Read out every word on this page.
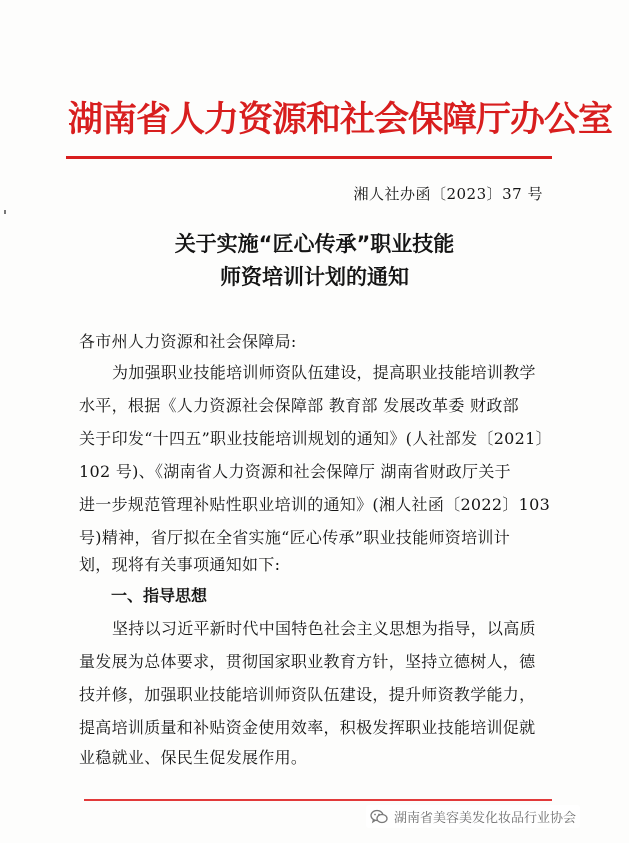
湖南省人力资源和社会保障厅办公室
湘人社办函〔2023〕37 号
关于实施“匠心传承”职业技能
师资培训计划的通知
各市州人力资源和社会保障局:
为加强职业技能培训师资队伍建设，提高职业技能培训教学
水平，根据《人力资源社会保障部 教育部 发展改革委 财政部
关于印发“十四五”职业技能培训规划的通知》(人社部发〔2021〕
102 号)、《湖南省人力资源和社会保障厅 湖南省财政厅关于
进一步规范管理补贴性职业培训的通知》(湘人社函〔2022〕103
号)精神，省厅拟在全省实施“匠心传承”职业技能师资培训计
划，现将有关事项通知如下:
一、指导思想
坚持以习近平新时代中国特色社会主义思想为指导，以高质
量发展为总体要求，贯彻国家职业教育方针，坚持立德树人，德
技并修，加强职业技能培训师资队伍建设，提升师资教学能力，
提高培训质量和补贴资金使用效率，积极发挥职业技能培训促就
业稳就业、保民生促发展作用。
湖南省美容美发化妆品行业协会
